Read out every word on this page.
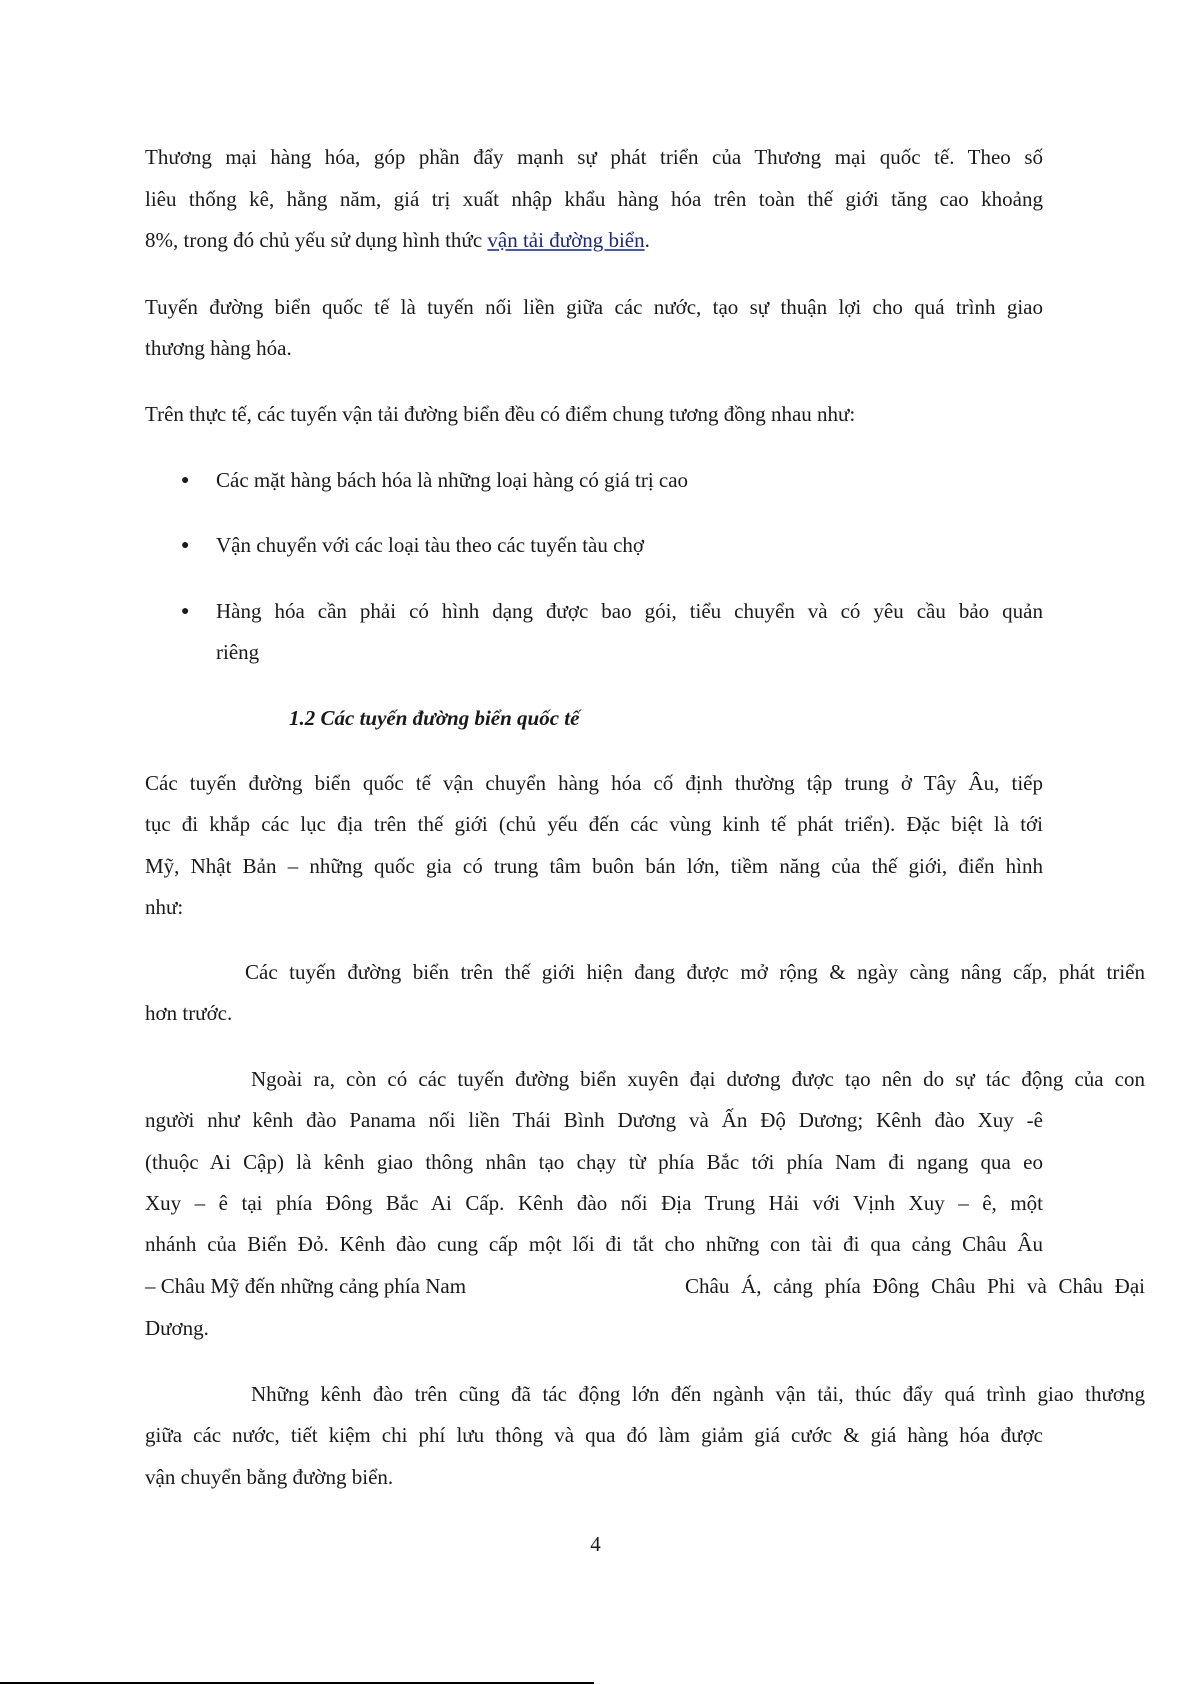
Thương mại hàng hóa, góp phần đẩy mạnh sự phát triển của Thương mại quốc tế. Theo số
liêu thống kê, hằng năm, giá trị xuất nhập khẩu hàng hóa trên toàn thế giới tăng cao khoảng
8%, trong đó chủ yếu sử dụng hình thức vận tải đường biển.
Tuyến đường biển quốc tế là tuyến nối liền giữa các nước, tạo sự thuận lợi cho quá trình giao
thương hàng hóa.
Trên thực tế, các tuyến vận tải đường biển đều có điểm chung tương đồng nhau như:
● Các mặt hàng bách hóa là những loại hàng có giá trị cao
● Vận chuyển với các loại tàu theo các tuyến tàu chợ
● Hàng hóa cần phải có hình dạng được bao gói, tiểu chuyển và có yêu cầu bảo quản
riêng
1.2 Các tuyến đường biển quốc tế
Các tuyến đường biển quốc tế vận chuyển hàng hóa cố định thường tập trung ở Tây Âu, tiếp
tục đi khắp các lục địa trên thế giới (chủ yếu đến các vùng kinh tế phát triển). Đặc biệt là tới
Mỹ, Nhật Bản – những quốc gia có trung tâm buôn bán lớn, tiềm năng của thế giới, điển hình
như:
Các tuyến đường biển trên thế giới hiện đang được mở rộng & ngày càng nâng cấp, phát triển
hơn trước.
Ngoài ra, còn có các tuyến đường biển xuyên đại dương được tạo nên do sự tác động của con
người như kênh đào Panama nối liền Thái Bình Dương và Ấn Độ Dương; Kênh đào Xuy -ê
(thuộc Ai Cập) là kênh giao thông nhân tạo chạy từ phía Bắc tới phía Nam đi ngang qua eo
Xuy – ê tại phía Đông Bắc Ai Cấp. Kênh đào nối Địa Trung Hải với Vịnh Xuy – ê, một
nhánh của Biển Đỏ. Kênh đào cung cấp một lối đi tắt cho những con tài đi qua cảng Châu Âu
– Châu Mỹ đến những cảng phía Nam	Châu Á, cảng phía Đông Châu Phi và Châu Đại
Dương.
Những kênh đào trên cũng đã tác động lớn đến ngành vận tải, thúc đẩy quá trình giao thương
giữa các nước, tiết kiệm chi phí lưu thông và qua đó làm giảm giá cước & giá hàng hóa được
vận chuyển bằng đường biển.
4
